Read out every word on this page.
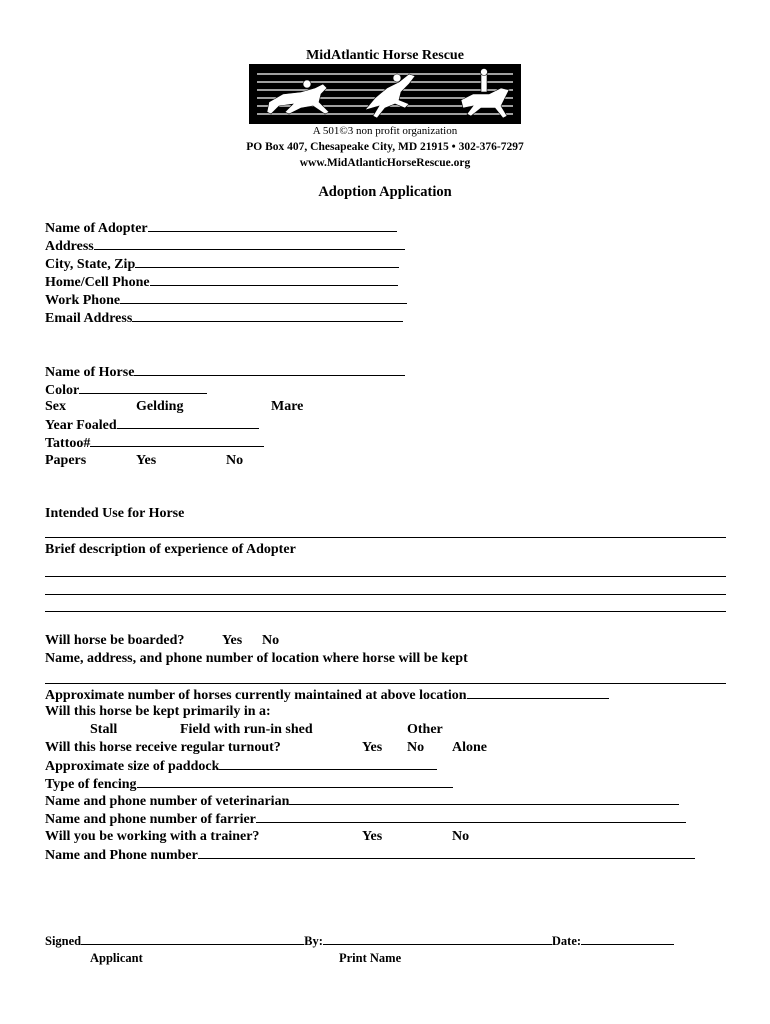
MidAtlantic Horse Rescue
A 501©3 non profit organization
PO Box 407, Chesapeake City, MD 21915 • 302-376-7297
www.MidAtlanticHorseRescue.org
Adoption Application
Name of Adopter
Address
City, State, Zip
Home/Cell Phone
Work Phone
Email Address
Name of Horse
Color
Sex	Gelding	Mare
Year Foaled
Tattoo#
Papers	Yes	No
Intended Use for Horse
Brief description of experience of Adopter
Will horse be boarded?	Yes No
Name, address, and phone number of location where horse will be kept
Approximate number of horses currently maintained at above location
Will this horse be kept primarily in a:
Stall	Field with run-in shed	Other
Will this horse receive regular turnout?	Yes No Alone
Approximate size of paddock
Type of fencing
Name and phone number of veterinarian
Name and phone number of farrier
Will you be working with a trainer?	Yes	No
Name and Phone number
Signed	By:	Date:
Applicant	Print Name
